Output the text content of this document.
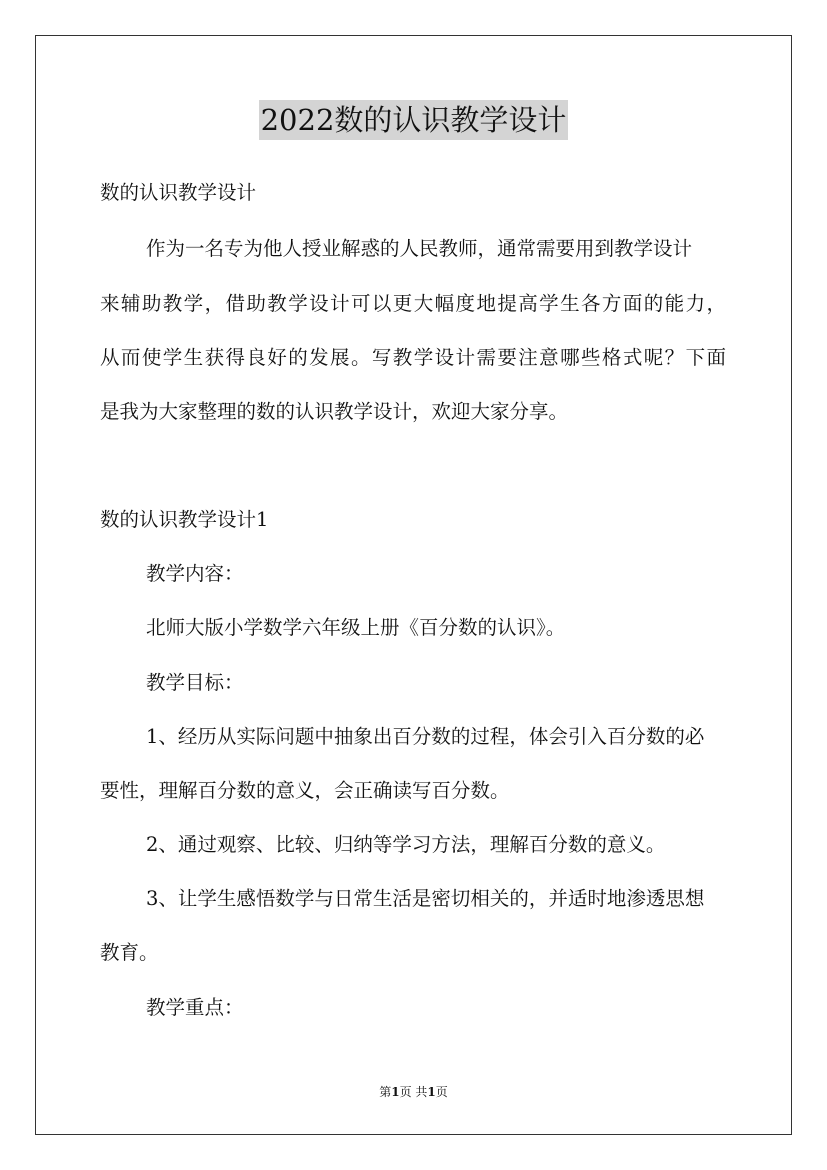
2022数的认识教学设计
数的认识教学设计
作为一名专为他人授业解惑的人民教师，通常需要用到教学设计
来辅助教学，借助教学设计可以更大幅度地提高学生各方面的能力，
从而使学生获得良好的发展。写教学设计需要注意哪些格式呢？下面
是我为大家整理的数的认识教学设计，欢迎大家分享。
数的认识教学设计1
教学内容：
北师大版小学数学六年级上册《百分数的认识》。
教学目标：
1、经历从实际问题中抽象出百分数的过程，体会引入百分数的必
要性，理解百分数的意义，会正确读写百分数。
2、通过观察、比较、归纳等学习方法，理解百分数的意义。
3、让学生感悟数学与日常生活是密切相关的，并适时地渗透思想
教育。
教学重点：
第1页 共1页
